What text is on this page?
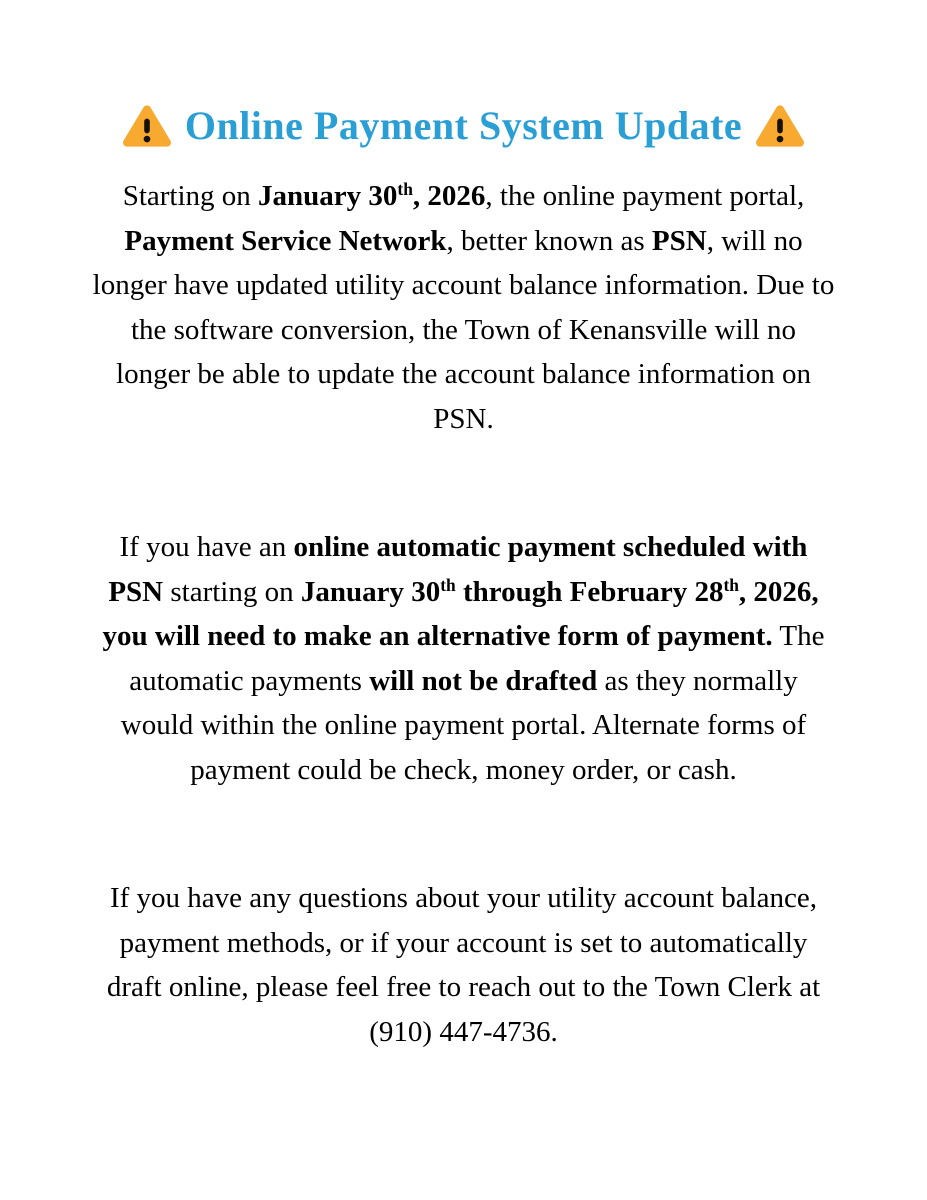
Online Payment System Update

Starting on January 30th, 2026, the online payment portal, Payment Service Network, better known as PSN, will no longer have updated utility account balance information. Due to the software conversion, the Town of Kenansville will no longer be able to update the account balance information on PSN.

If you have an online automatic payment scheduled with PSN starting on January 30th through February 28th, 2026, you will need to make an alternative form of payment. The automatic payments will not be drafted as they normally would within the online payment portal. Alternate forms of payment could be check, money order, or cash.

If you have any questions about your utility account balance, payment methods, or if your account is set to automatically draft online, please feel free to reach out to the Town Clerk at (910) 447-4736.
